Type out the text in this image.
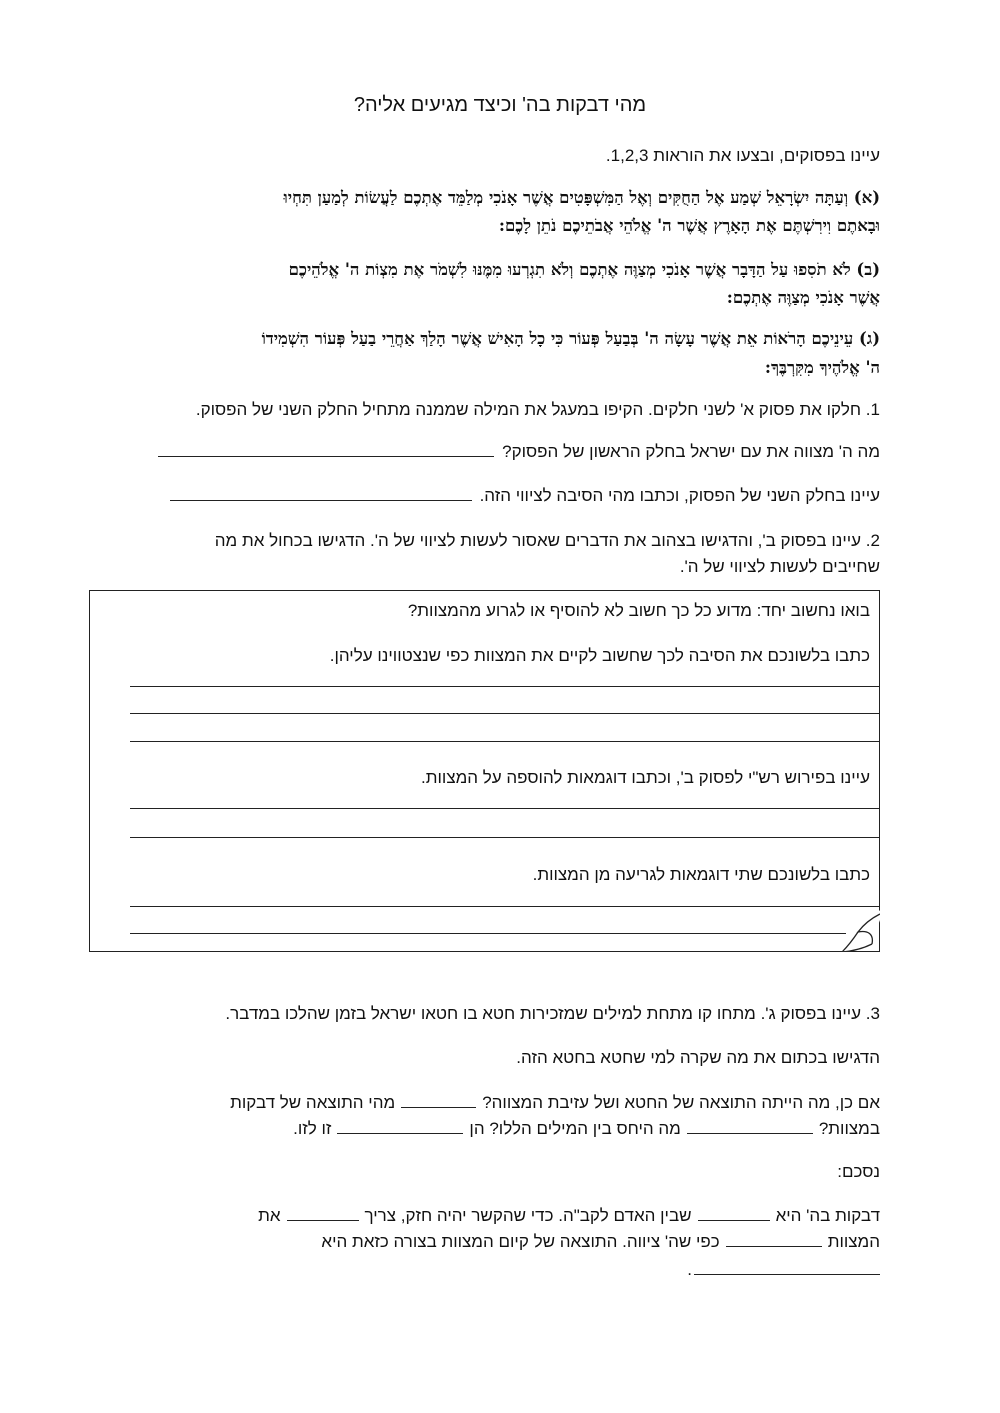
מהי דבקות בה' וכיצד מגיעים אליה?
עיינו בפסוקים, ובצעו את הוראות 1,2,3.
(א) וְעַתָּה יִשְׂרָאֵל שְׁמַע אֶל הַחֻקִּים וְאֶל הַמִּשְׁפָּטִים אֲשֶׁר אָנֹכִי מְלַמֵּד אֶתְכֶם לַעֲשׂוֹת לְמַעַן תִּחְיוּ
וּבָאתֶם וִירִשְׁתֶּם אֶת הָאָרֶץ אֲשֶׁר ה' אֱלֹהֵי אֲבֹתֵיכֶם נֹתֵן לָכֶם:
(ב) לֹא תֹסִפוּ עַל הַדָּבָר אֲשֶׁר אָנֹכִי מְצַוֶּה אֶתְכֶם וְלֹא תִגְרְעוּ מִמֶּנּוּ לִשְׁמֹר אֶת מִצְוֹת ה' אֱלֹהֵיכֶם
אֲשֶׁר אָנֹכִי מְצַוֶּה אֶתְכֶם:
(ג) עֵינֵיכֶם הָרֹאוֹת אֵת אֲשֶׁר עָשָׂה ה' בְּבַעַל פְּעוֹר כִּי כָל הָאִישׁ אֲשֶׁר הָלַךְ אַחֲרֵי בַעַל פְּעוֹר הִשְׁמִידוֹ
ה' אֱלֹהֶיךָ מִקִּרְבֶּךָ:
1. חלקו את פסוק א' לשני חלקים. הקיפו במעגל את המילה שממנה מתחיל החלק השני של הפסוק.
מה ה' מצווה את עם ישראל בחלק הראשון של הפסוק?
עיינו בחלק השני של הפסוק, וכתבו מהי הסיבה לציווי הזה.
2. עיינו בפסוק ב', והדגישו בצהוב את הדברים שאסור לעשות לציווי של ה'. הדגישו בכחול את מה
שחייבים לעשות לציווי של ה'.
בואו נחשוב יחד: מדוע כל כך חשוב לא להוסיף או לגרוע מהמצוות?
כתבו בלשונכם את הסיבה לכך שחשוב לקיים את המצוות כפי שנצטווינו עליהן.
עיינו בפירוש רש"י לפסוק ב', וכתבו דוגמאות להוספה על המצוות.
כתבו בלשונכם שתי דוגמאות לגריעה מן המצוות.
3. עיינו בפסוק ג'. מתחו קו מתחת למילים שמזכירות חטא בו חטאו ישראל בזמן שהלכו במדבר.
הדגישו בכתום את מה שקרה למי שחטא בחטא הזה.
אם כן, מה הייתה התוצאה של החטא ושל עזיבת המצווה?
מהי התוצאה של דבקות
במצוות?
מה היחס בין המילים הללו? הן
זו לזו.
נסכם:
דבקות בה' היא
שבין האדם לקב"ה. כדי שהקשר יהיה חזק, צריך
את
המצוות
כפי שה' ציווה. התוצאה של קיום המצוות בצורה כזאת היא
.
